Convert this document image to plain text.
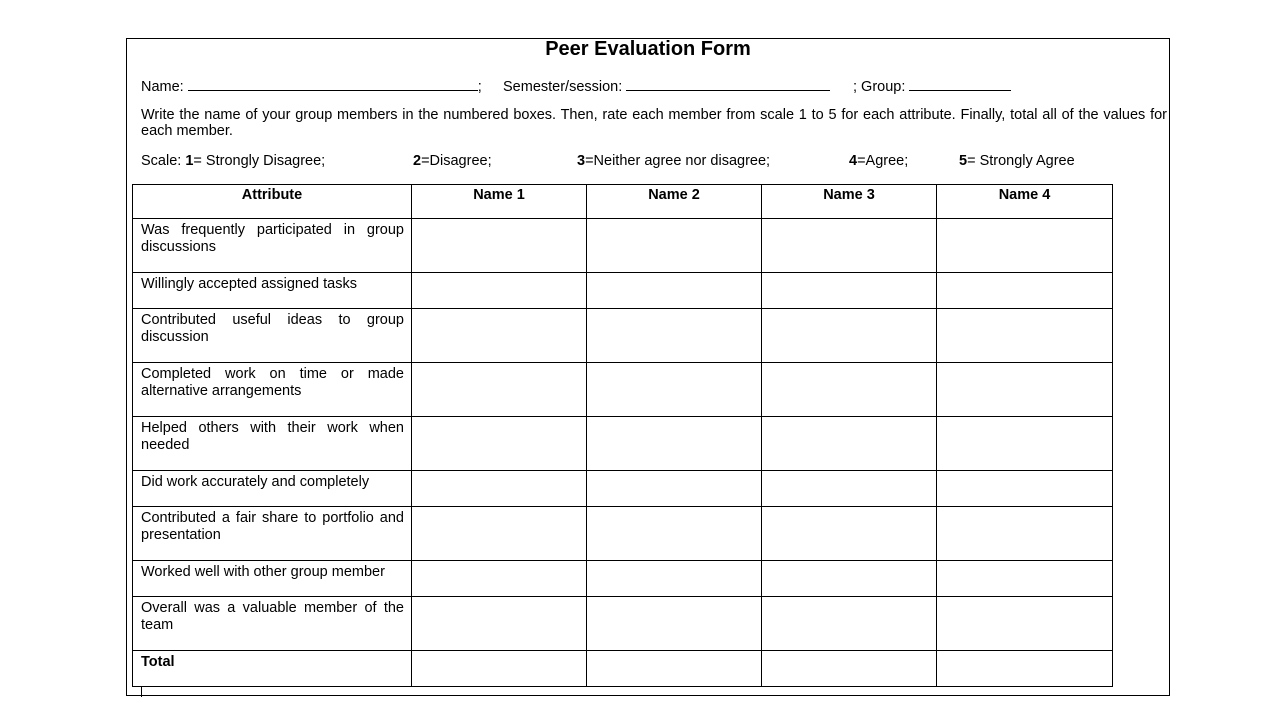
Peer Evaluation Form
Name:	; Semester/session:	; Group:
Write the name of your group members in the numbered boxes. Then, rate each member from scale 1 to 5 for each attribute. Finally, total all of the values for each member.
Scale: 1= Strongly Disagree;	2=Disagree;	3=Neither agree nor disagree;	4=Agree;	5= Strongly Agree
Attribute	Name 1	Name 2	Name 3	Name 4
Was frequently participated in group discussions				
Willingly accepted assigned tasks				
Contributed useful ideas to group discussion				
Completed work on time or made alternative arrangements				
Helped others with their work when needed				
Did work accurately and completely				
Contributed a fair share to portfolio and presentation				
Worked well with other group member				
Overall was a valuable member of the team				
Total				
